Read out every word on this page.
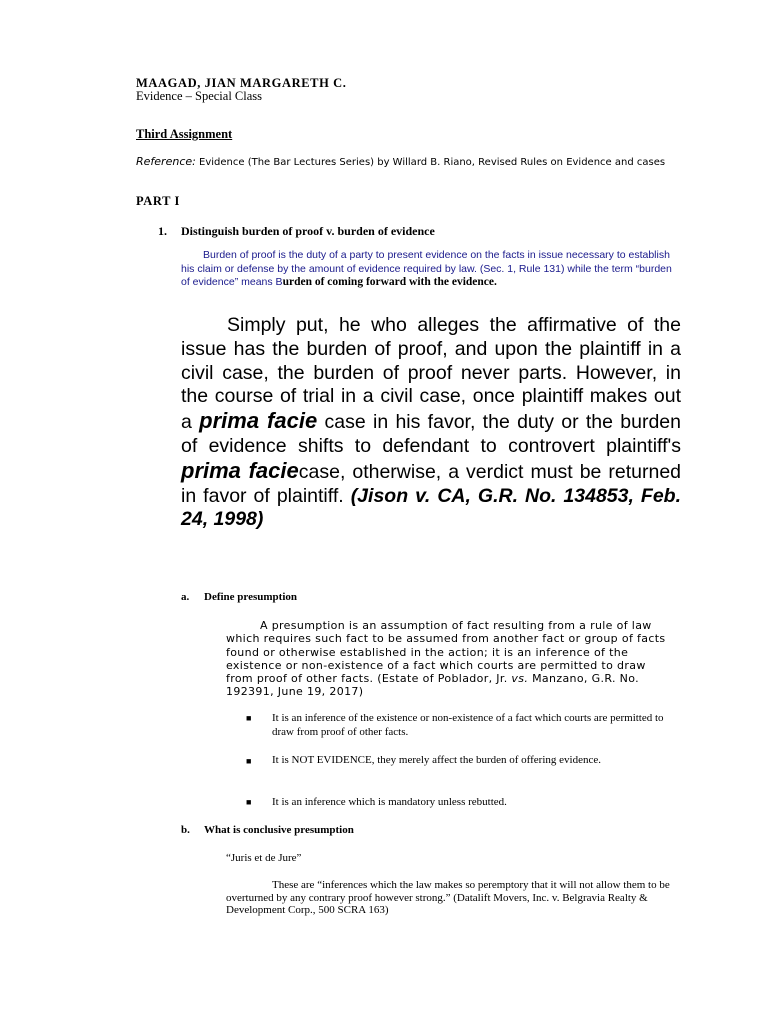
MAAGAD, JIAN MARGARETH C.
Evidence – Special Class
Third Assignment
Reference: Evidence (The Bar Lectures Series) by Willard B. Riano, Revised Rules on Evidence and cases
PART I
1. Distinguish burden of proof v. burden of evidence
Burden of proof is the duty of a party to present evidence on the facts in issue necessary to establish his claim or defense by the amount of evidence required by law. (Sec. 1, Rule 131) while the term “burden of evidence” means Burden of coming forward with the evidence.
Simply put, he who alleges the affirmative of the issue has the burden of proof, and upon the plaintiff in a civil case, the burden of proof never parts. However, in the course of trial in a civil case, once plaintiff makes out a prima facie case in his favor, the duty or the burden of evidence shifts to defendant to controvert plaintiff's prima faciecase, otherwise, a verdict must be returned in favor of plaintiff. (Jison v. CA, G.R. No. 134853, Feb. 24, 1998)
a. Define presumption
A presumption is an assumption of fact resulting from a rule of law which requires such fact to be assumed from another fact or group of facts found or otherwise established in the action; it is an inference of the existence or non-existence of a fact which courts are permitted to draw from proof of other facts. (Estate of Poblador, Jr. vs. Manzano, G.R. No. 192391, June 19, 2017)
■ It is an inference of the existence or non-existence of a fact which courts are permitted to draw from proof of other facts.
■ It is NOT EVIDENCE, they merely affect the burden of offering evidence.
■ It is an inference which is mandatory unless rebutted.
b. What is conclusive presumption
“Juris et de Jure”
These are “inferences which the law makes so peremptory that it will not allow them to be overturned by any contrary proof however strong.” (Datalift Movers, Inc. v. Belgravia Realty & Development Corp., 500 SCRA 163)
